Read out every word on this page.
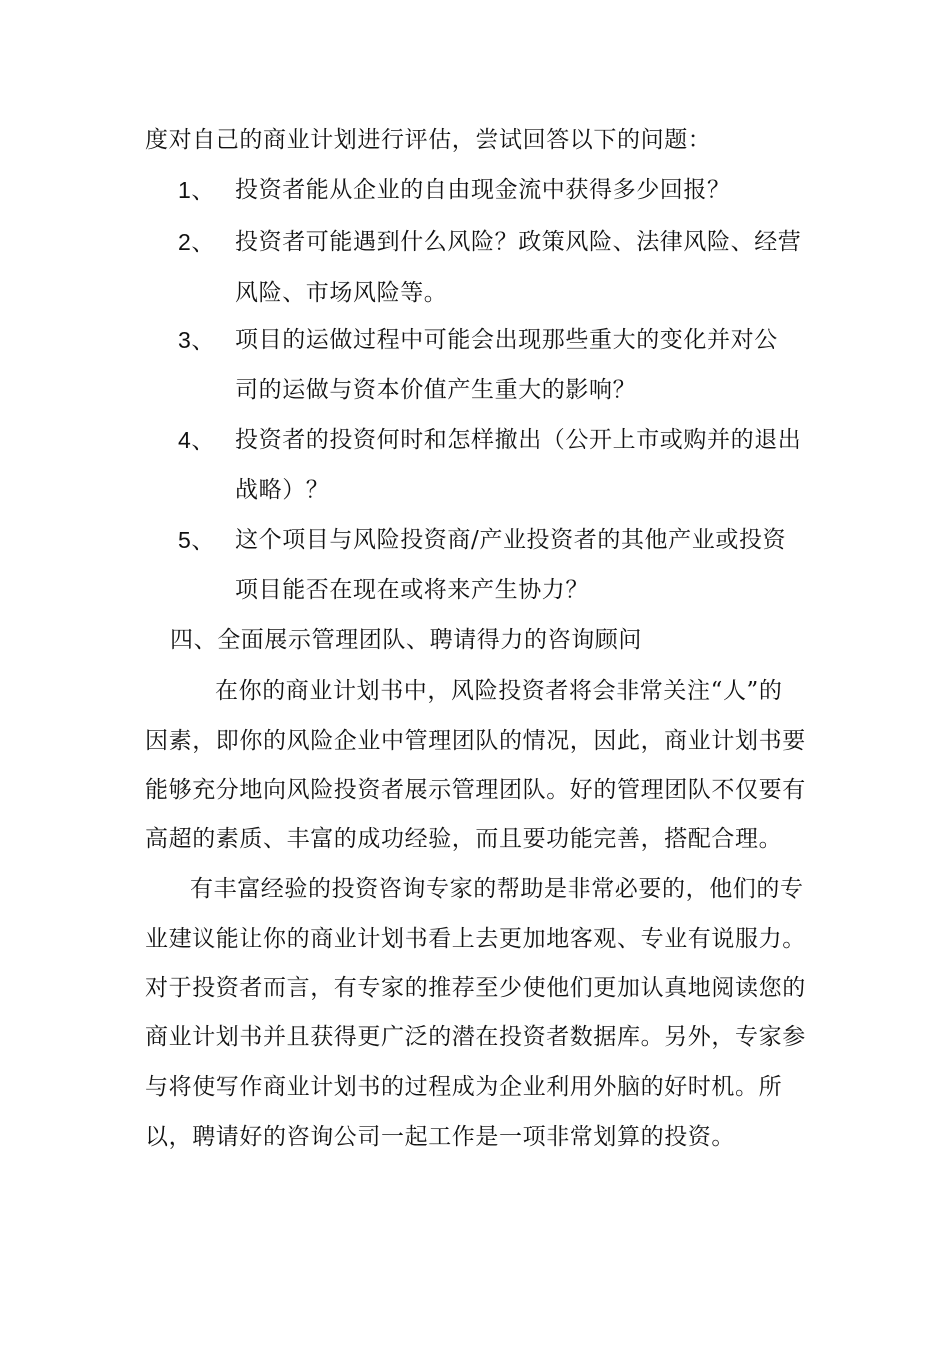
度对自己的商业计划进行评估，尝试回答以下的问题：
1、 投资者能从企业的自由现金流中获得多少回报？
2、 投资者可能遇到什么风险？政策风险、法律风险、经营
风险、市场风险等。
3、 项目的运做过程中可能会出现那些重大的变化并对公
司的运做与资本价值产生重大的影响？
4、 投资者的投资何时和怎样撤出（公开上市或购并的退出
战略）？
5、 这个项目与风险投资商/产业投资者的其他产业或投资
项目能否在现在或将来产生协力？
四、全面展示管理团队、聘请得力的咨询顾问
在你的商业计划书中，风险投资者将会非常关注“人”的
因素，即你的风险企业中管理团队的情况，因此，商业计划书要
能够充分地向风险投资者展示管理团队。好的管理团队不仅要有
高超的素质、丰富的成功经验，而且要功能完善，搭配合理。
有丰富经验的投资咨询专家的帮助是非常必要的，他们的专
业建议能让你的商业计划书看上去更加地客观、专业有说服力。
对于投资者而言，有专家的推荐至少使他们更加认真地阅读您的
商业计划书并且获得更广泛的潜在投资者数据库。另外，专家参
与将使写作商业计划书的过程成为企业利用外脑的好时机。所
以，聘请好的咨询公司一起工作是一项非常划算的投资。
